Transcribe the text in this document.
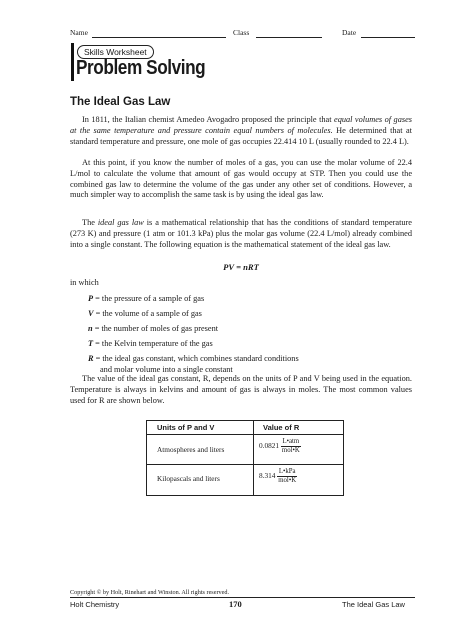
Name	Class	Date
Skills Worksheet
Problem Solving
The Ideal Gas Law

In 1811, the Italian chemist Amedeo Avogadro proposed the principle that equal volumes of gases at the same temperature and pressure contain equal numbers of molecules. He determined that at standard temperature and pressure, one mole of gas occupies 22.414 10 L (usually rounded to 22.4 L).

At this point, if you know the number of moles of a gas, you can use the molar volume of 22.4 L/mol to calculate the volume that amount of gas would occupy at STP. Then you could use the combined gas law to determine the volume of the gas under any other set of conditions. However, a much simpler way to accomplish the same task is by using the ideal gas law.

The ideal gas law is a mathematical relationship that has the conditions of standard temperature (273 K) and pressure (1 atm or 101.3 kPa) plus the molar gas volume (22.4 L/mol) already combined into a single constant. The following equation is the mathematical statement of the ideal gas law.

PV = nRT
in which
P = the pressure of a sample of gas
V = the volume of a sample of gas
n = the number of moles of gas present
T = the Kelvin temperature of the gas
R = the ideal gas constant, which combines standard conditions
and molar volume into a single constant

The value of the ideal gas constant, R, depends on the units of P and V being used in the equation. Temperature is always in kelvins and amount of gas is always in moles. The most common values used for R are shown below.

Units of P and V	Value of R
Atmospheres and liters	$0.0821 \frac{\text{L•atm}}{\text{mol•K}}$
Kilopascals and liters	$8.314 \frac{\text{L•kPa}}{\text{mol•K}}$
Copyright © by Holt, Rinehart and Winston. All rights reserved.
Holt Chemistry	170	The Ideal Gas Law
